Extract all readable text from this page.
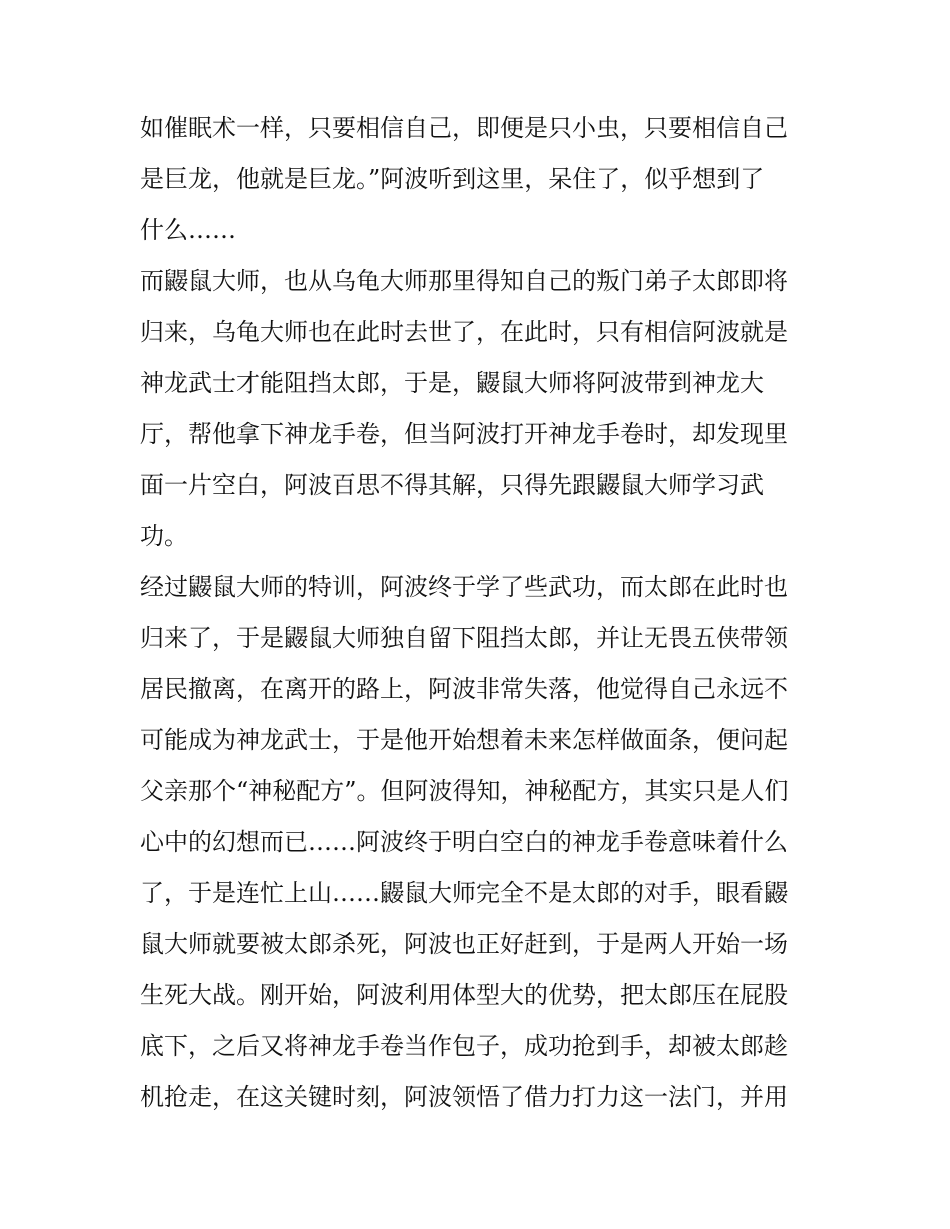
如催眠术一样，只要相信自己，即便是只小虫，只要相信自己
是巨龙，他就是巨龙。”阿波听到这里，呆住了，似乎想到了
什么……
而鼹鼠大师，也从乌龟大师那里得知自己的叛门弟子太郎即将
归来，乌龟大师也在此时去世了，在此时，只有相信阿波就是
神龙武士才能阻挡太郎，于是，鼹鼠大师将阿波带到神龙大
厅，帮他拿下神龙手卷，但当阿波打开神龙手卷时，却发现里
面一片空白，阿波百思不得其解，只得先跟鼹鼠大师学习武
功。
经过鼹鼠大师的特训，阿波终于学了些武功，而太郎在此时也
归来了，于是鼹鼠大师独自留下阻挡太郎，并让无畏五侠带领
居民撤离，在离开的路上，阿波非常失落，他觉得自己永远不
可能成为神龙武士，于是他开始想着未来怎样做面条，便问起
父亲那个“神秘配方”。但阿波得知，神秘配方，其实只是人们
心中的幻想而已……阿波终于明白空白的神龙手卷意味着什么
了，于是连忙上山……鼹鼠大师完全不是太郎的对手，眼看鼹
鼠大师就要被太郎杀死，阿波也正好赶到，于是两人开始一场
生死大战。刚开始，阿波利用体型大的优势，把太郎压在屁股
底下，之后又将神龙手卷当作包子，成功抢到手，却被太郎趁
机抢走，在这关键时刻，阿波领悟了借力打力这一法门，并用
